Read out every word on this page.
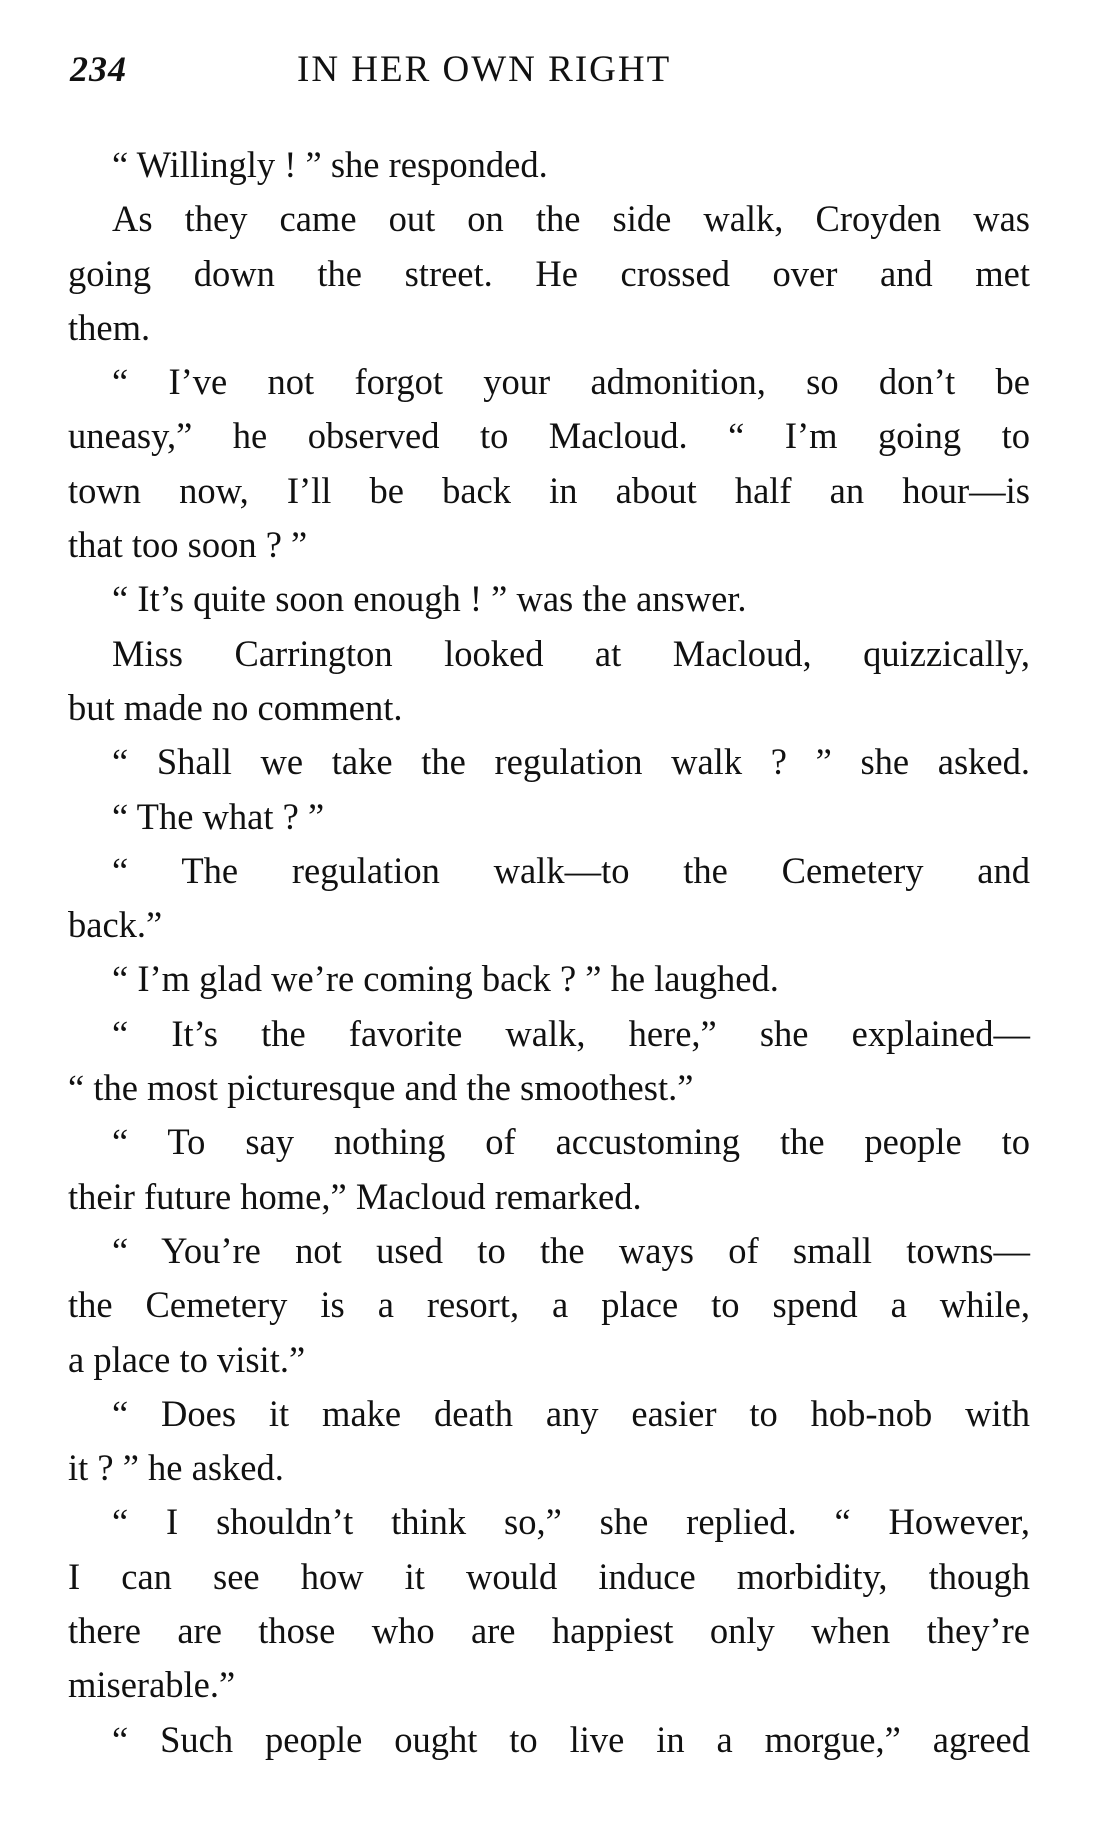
234	IN HER OWN RIGHT
“ Willingly ! ” she responded.
As they came out on the side walk, Croyden was
going down the street. He crossed over and met
them.
“ I’ve not forgot your admonition, so don’t be
uneasy,” he observed to Macloud. “ I’m going to
town now, I’ll be back in about half an hour—is
that too soon ? ”
“ It’s quite soon enough ! ” was the answer.
Miss Carrington looked at Macloud, quizzically,
but made no comment.
“ Shall we take the regulation walk ? ” she asked.
“ The what ? ”
“ The regulation walk—to the Cemetery and
back.”
“ I’m glad we’re coming back ? ” he laughed.
“ It’s the favorite walk, here,” she explained—
“ the most picturesque and the smoothest.”
“ To say nothing of accustoming the people to
their future home,” Macloud remarked.
“ You’re not used to the ways of small towns—
the Cemetery is a resort, a place to spend a while,
a place to visit.”
“ Does it make death any easier to hob-nob with
it ? ” he asked.
“ I shouldn’t think so,” she replied. “ However,
I can see how it would induce morbidity, though
there are those who are happiest only when they’re
miserable.”
“ Such people ought to live in a morgue,” agreed
